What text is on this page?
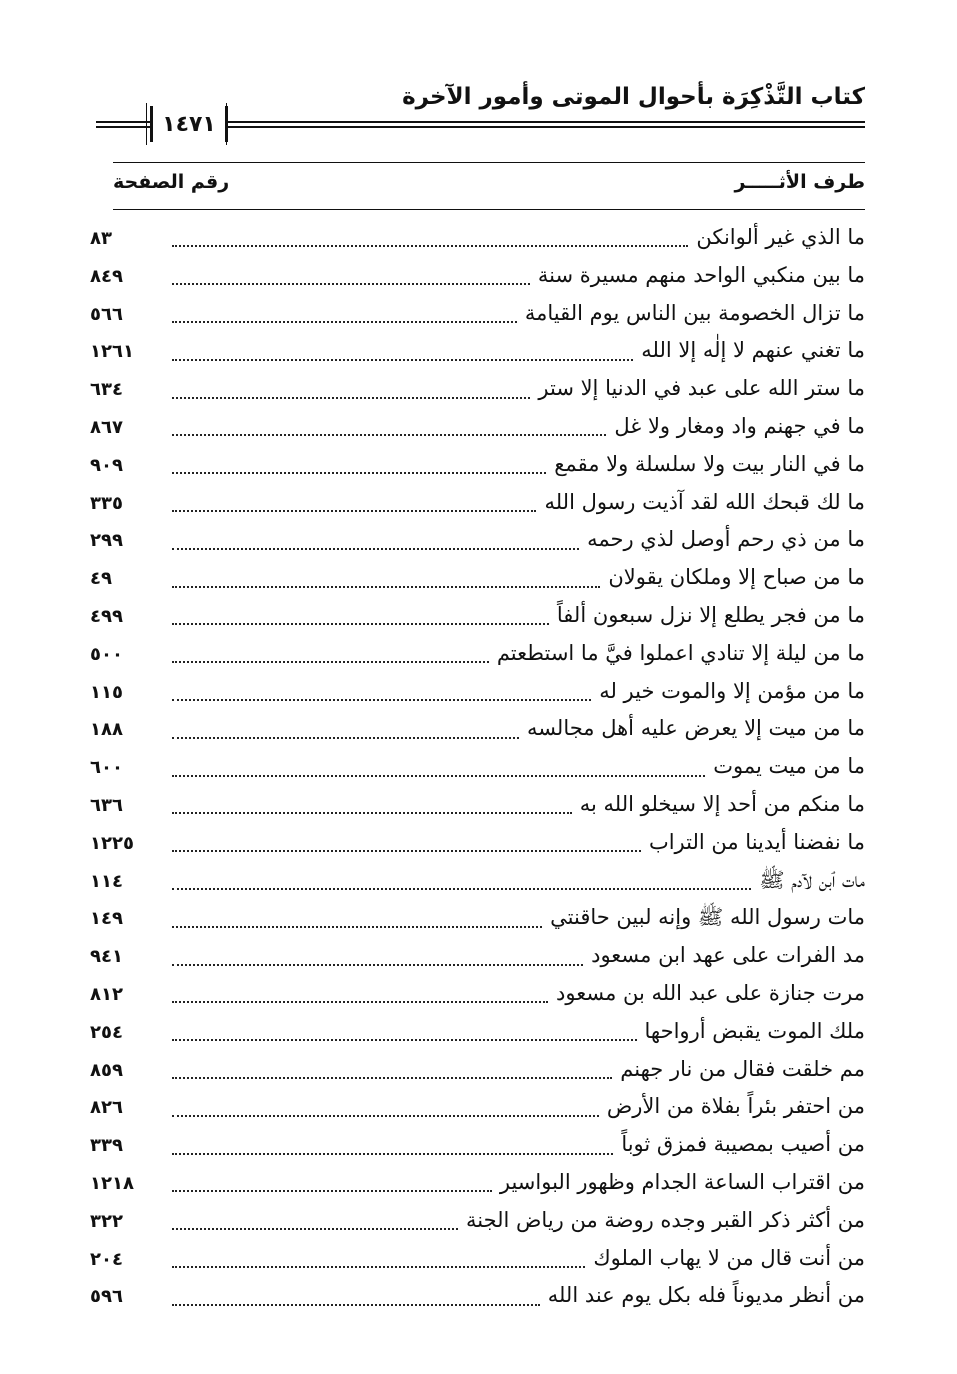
كتاب التَّذْكِرَة بأحوال الموتى وأمور الآخرة
١٤٧١
طرف الأثـــــر
رقم الصفحة
ما الذي غير ألوانكن
٨٣
ما بين منكبي الواحد منهم مسيرة سنة
٨٤٩
ما تزال الخصومة بين الناس يوم القيامة
٥٦٦
ما تغني عنهم لا إلٰه إلا الله
١٢٦١
ما ستر الله على عبد في الدنيا إلا ستر
٦٣٤
ما في جهنم واد ومغار ولا غل
٨٦٧
ما في النار بيت ولا سلسلة ولا مقمع
٩٠٩
ما لك قبحك الله لقد آذيت رسول الله
٣٣٥
ما من ذي رحم أوصل لذي رحمه
٢٩٩
ما من صباح إلا وملكان يقولان
٤٩
ما من فجر يطلع إلا نزل سبعون ألفاً
٤٩٩
ما من ليلة إلا تنادي اعملوا فيَّ ما استطعتم
٥٠٠
ما من مؤمن إلا والموت خير له
١١٥
ما من ميت إلا يعرض عليه أهل مجالسه
١٨٨
ما من ميت يموت
٦٠٠
ما منكم من أحد إلا سيخلو الله به
٦٣٦
ما نفضنا أيدينا من التراب
١٢٢٥
مات ٱبن لآدم ﷺ
١١٤
مات رسول الله ﷺ وإنه لبين حاقنتي
١٤٩
مد الفرات على عهد ابن مسعود
٩٤١
مرت جنازة على عبد الله بن مسعود
٨١٢
ملك الموت يقبض أرواحها
٢٥٤
مم خلقت فقال من نار جهنم
٨٥٩
من احتفر بئراً بفلاة من الأرض
٨٢٦
من أصيب بمصيبة فمزق ثوباً
٣٣٩
من اقتراب الساعة الجدام وظهور البواسير
١٢١٨
من أكثر ذكر القبر وجده روضة من رياض الجنة
٣٢٢
من أنت قال من لا يهاب الملوك
٢٠٤
من أنظر مديوناً فله بكل يوم عند الله
٥٩٦
